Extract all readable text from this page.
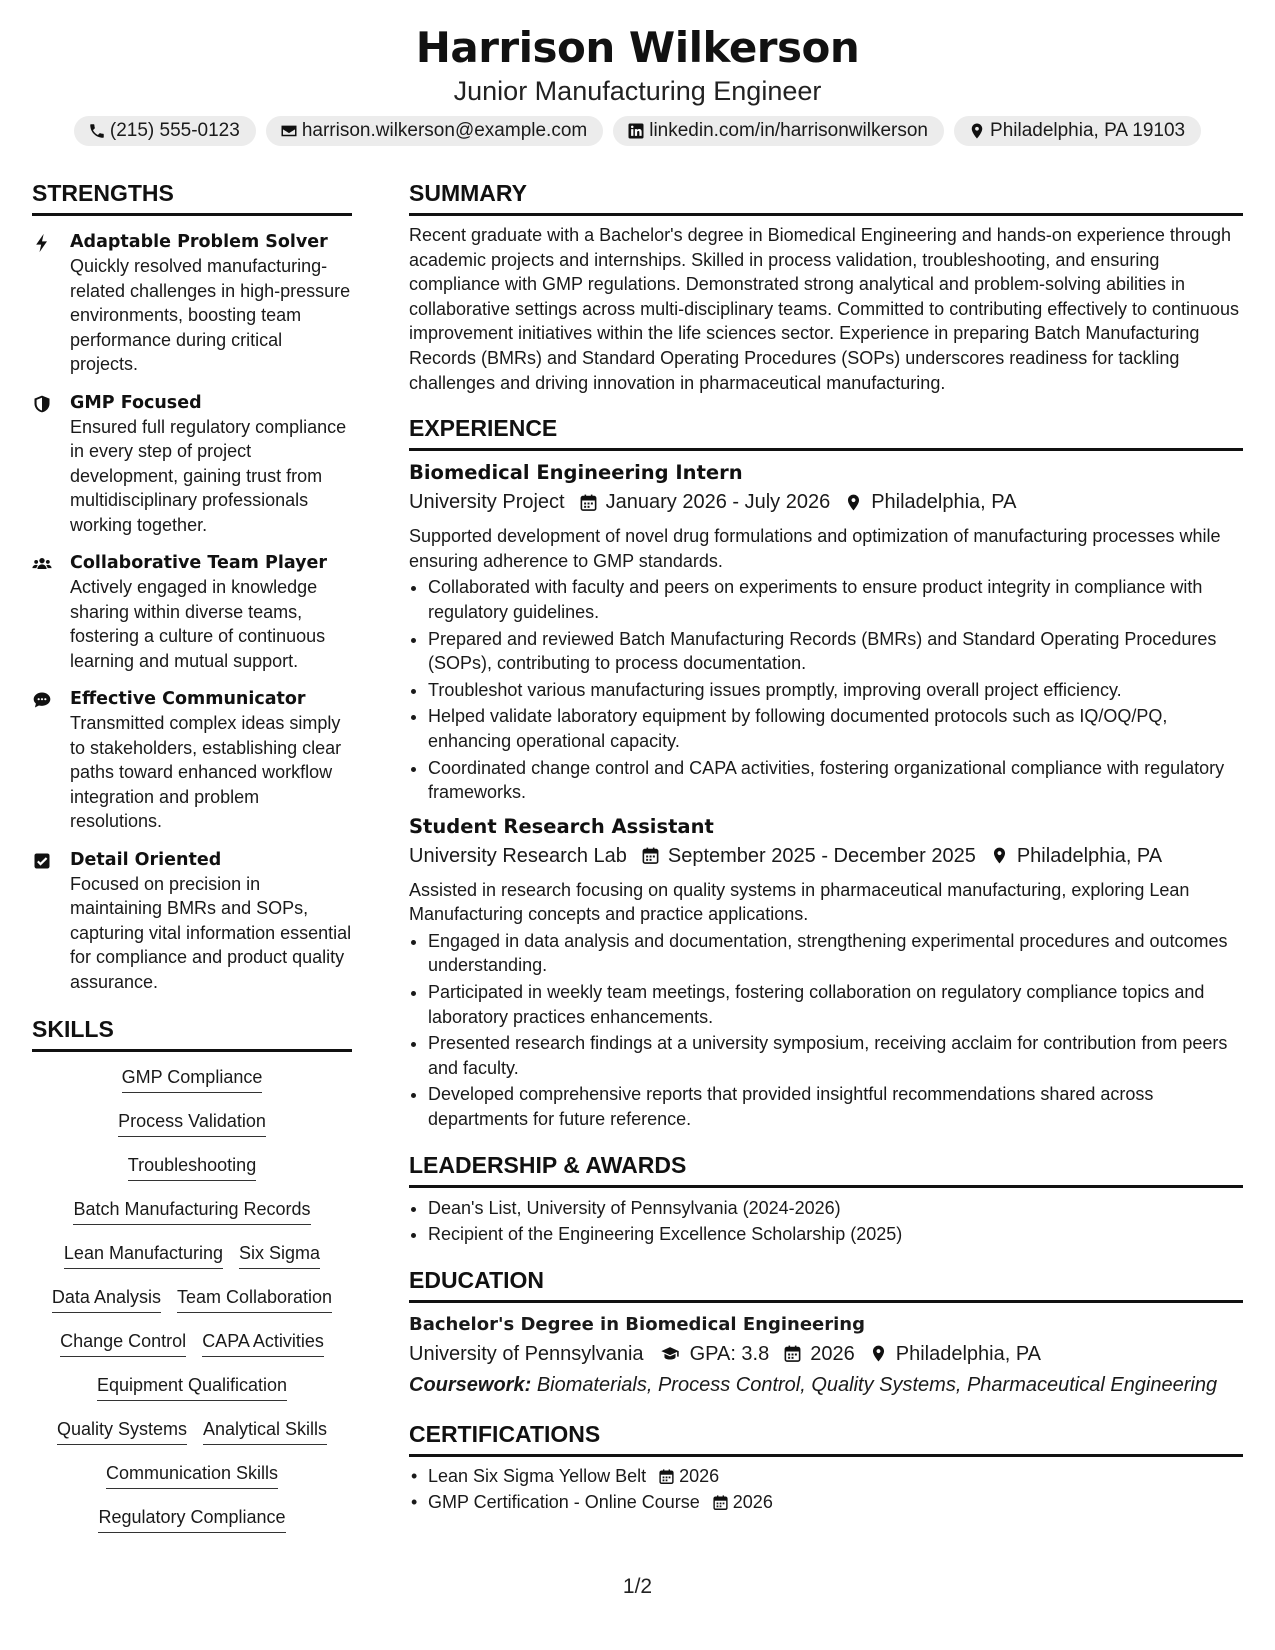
Harrison Wilkerson
Junior Manufacturing Engineer
(215) 555-0123	harrison.wilkerson@example.com	linkedin.com/in/harrisonwilkerson	Philadelphia, PA 19103
STRENGTHS
Adaptable Problem Solver
Quickly resolved manufacturing-related challenges in high-pressure environments, boosting team performance during critical projects.
GMP Focused
Ensured full regulatory compliance in every step of project development, gaining trust from multidisciplinary professionals working together.
Collaborative Team Player
Actively engaged in knowledge sharing within diverse teams, fostering a culture of continuous learning and mutual support.
Effective Communicator
Transmitted complex ideas simply to stakeholders, establishing clear paths toward enhanced workflow integration and problem resolutions.
Detail Oriented
Focused on precision in maintaining BMRs and SOPs, capturing vital information essential for compliance and product quality assurance.
SKILLS
GMP Compliance
Process Validation
Troubleshooting
Batch Manufacturing Records
Lean Manufacturing Six Sigma
Data Analysis Team Collaboration
Change Control CAPA Activities
Equipment Qualification
Quality Systems Analytical Skills
Communication Skills
Regulatory Compliance
SUMMARY
Recent graduate with a Bachelor's degree in Biomedical Engineering and hands-on experience through academic projects and internships. Skilled in process validation, troubleshooting, and ensuring compliance with GMP regulations. Demonstrated strong analytical and problem-solving abilities in collaborative settings across multi-disciplinary teams. Committed to contributing effectively to continuous improvement initiatives within the life sciences sector. Experience in preparing Batch Manufacturing Records (BMRs) and Standard Operating Procedures (SOPs) underscores readiness for tackling challenges and driving innovation in pharmaceutical manufacturing.
EXPERIENCE
Biomedical Engineering Intern
University Project January 2026 - July 2026 Philadelphia, PA
Supported development of novel drug formulations and optimization of manufacturing processes while ensuring adherence to GMP standards.
• Collaborated with faculty and peers on experiments to ensure product integrity in compliance with regulatory guidelines.
• Prepared and reviewed Batch Manufacturing Records (BMRs) and Standard Operating Procedures (SOPs), contributing to process documentation.
• Troubleshot various manufacturing issues promptly, improving overall project efficiency.
• Helped validate laboratory equipment by following documented protocols such as IQ/OQ/PQ, enhancing operational capacity.
• Coordinated change control and CAPA activities, fostering organizational compliance with regulatory frameworks.
Student Research Assistant
University Research Lab September 2025 - December 2025 Philadelphia, PA
Assisted in research focusing on quality systems in pharmaceutical manufacturing, exploring Lean Manufacturing concepts and practice applications.
• Engaged in data analysis and documentation, strengthening experimental procedures and outcomes understanding.
• Participated in weekly team meetings, fostering collaboration on regulatory compliance topics and laboratory practices enhancements.
• Presented research findings at a university symposium, receiving acclaim for contribution from peers and faculty.
• Developed comprehensive reports that provided insightful recommendations shared across departments for future reference.
LEADERSHIP & AWARDS
• Dean's List, University of Pennsylvania (2024-2026)
• Recipient of the Engineering Excellence Scholarship (2025)
EDUCATION
Bachelor's Degree in Biomedical Engineering
University of Pennsylvania GPA: 3.8 2026 Philadelphia, PA
Coursework: Biomaterials, Process Control, Quality Systems, Pharmaceutical Engineering
CERTIFICATIONS
• Lean Six Sigma Yellow Belt 2026
• GMP Certification - Online Course 2026
1/2
